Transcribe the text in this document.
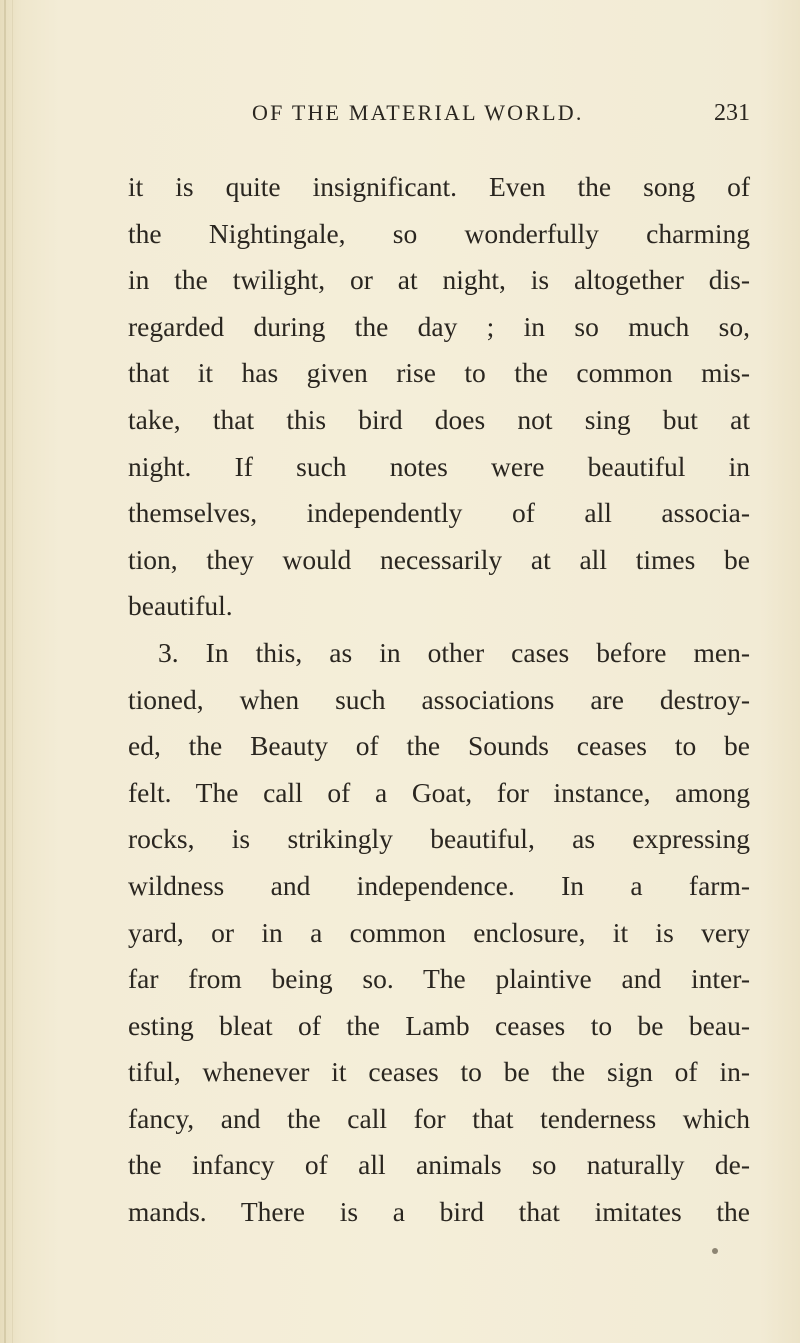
OF THE MATERIAL WORLD.	231
it is quite insignificant. Even the song of
the Nightingale, so wonderfully charming
in the twilight, or at night, is altogether dis-
regarded during the day ; in so much so,
that it has given rise to the common mis-
take, that this bird does not sing but at
night. If such notes were beautiful in
themselves, independently of all associa-
tion, they would necessarily at all times be
beautiful.
3. In this, as in other cases before men-
tioned, when such associations are destroy-
ed, the Beauty of the Sounds ceases to be
felt. The call of a Goat, for instance, among
rocks, is strikingly beautiful, as expressing
wildness and independence. In a farm-
yard, or in a common enclosure, it is very
far from being so. The plaintive and inter-
esting bleat of the Lamb ceases to be beau-
tiful, whenever it ceases to be the sign of in-
fancy, and the call for that tenderness which
the infancy of all animals so naturally de-
mands. There is a bird that imitates the
